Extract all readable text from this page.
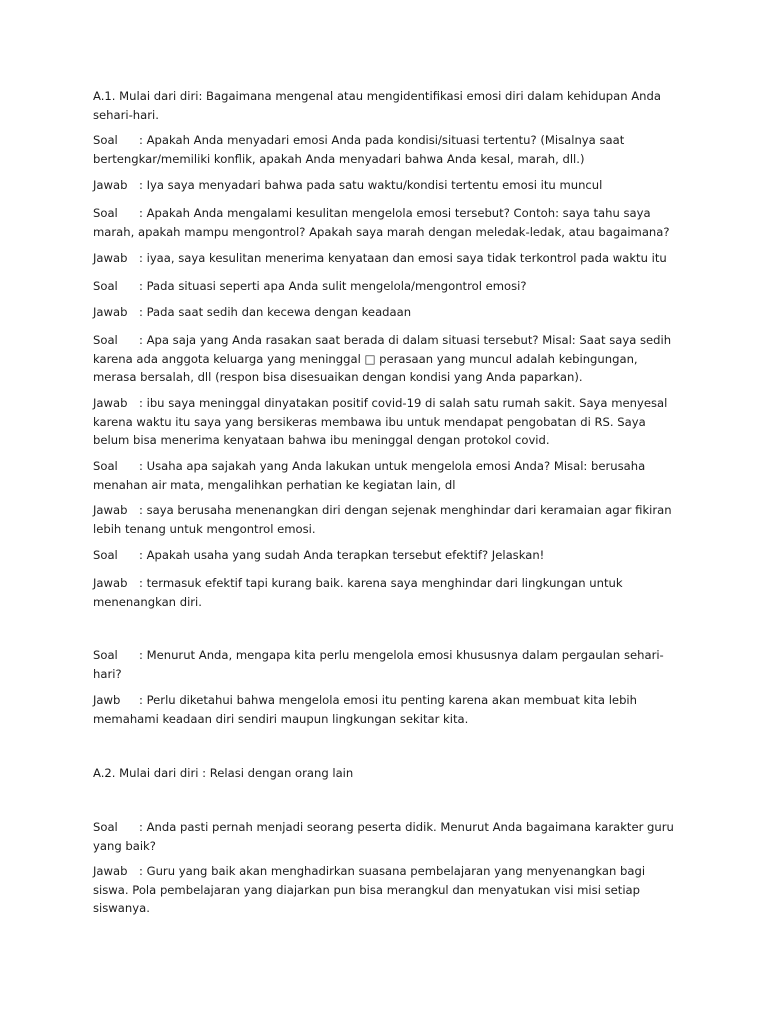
A.1. Mulai dari diri: Bagaimana mengenal atau mengidentifikasi emosi diri dalam kehidupan Anda sehari-hari.

Soal : Apakah Anda menyadari emosi Anda pada kondisi/situasi tertentu? (Misalnya saat bertengkar/memiliki konflik, apakah Anda menyadari bahwa Anda kesal, marah, dll.)

Jawab : Iya saya menyadari bahwa pada satu waktu/kondisi tertentu emosi itu muncul

Soal : Apakah Anda mengalami kesulitan mengelola emosi tersebut? Contoh: saya tahu saya marah, apakah mampu mengontrol? Apakah saya marah dengan meledak-ledak, atau bagaimana?

Jawab : iyaa, saya kesulitan menerima kenyataan dan emosi saya tidak terkontrol pada waktu itu

Soal : Pada situasi seperti apa Anda sulit mengelola/mengontrol emosi?

Jawab : Pada saat sedih dan kecewa dengan keadaan

Soal : Apa saja yang Anda rasakan saat berada di dalam situasi tersebut? Misal: Saat saya sedih karena ada anggota keluarga yang meninggal □ perasaan yang muncul adalah kebingungan, merasa bersalah, dll (respon bisa disesuaikan dengan kondisi yang Anda paparkan).

Jawab : ibu saya meninggal dinyatakan positif covid-19 di salah satu rumah sakit. Saya menyesal karena waktu itu saya yang bersikeras membawa ibu untuk mendapat pengobatan di RS. Saya belum bisa menerima kenyataan bahwa ibu meninggal dengan protokol covid.

Soal : Usaha apa sajakah yang Anda lakukan untuk mengelola emosi Anda? Misal: berusaha menahan air mata, mengalihkan perhatian ke kegiatan lain, dl

Jawab : saya berusaha menenangkan diri dengan sejenak menghindar dari keramaian agar fikiran lebih tenang untuk mengontrol emosi.

Soal : Apakah usaha yang sudah Anda terapkan tersebut efektif? Jelaskan!

Jawab : termasuk efektif tapi kurang baik. karena saya menghindar dari lingkungan untuk menenangkan diri.

Soal : Menurut Anda, mengapa kita perlu mengelola emosi khususnya dalam pergaulan sehari-hari?

Jawb : Perlu diketahui bahwa mengelola emosi itu penting karena akan membuat kita lebih memahami keadaan diri sendiri maupun lingkungan sekitar kita.

A.2. Mulai dari diri : Relasi dengan orang lain

Soal : Anda pasti pernah menjadi seorang peserta didik. Menurut Anda bagaimana karakter guru yang baik?

Jawab : Guru yang baik akan menghadirkan suasana pembelajaran yang menyenangkan bagi siswa. Pola pembelajaran yang diajarkan pun bisa merangkul dan menyatukan visi misi setiap siswanya.
